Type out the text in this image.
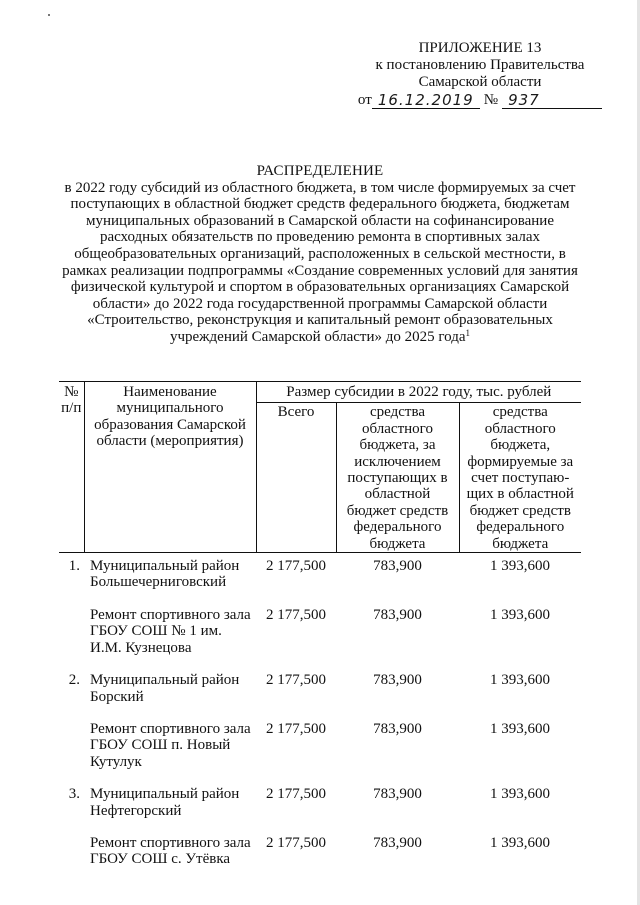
ПРИЛОЖЕНИЕ 13
к постановлению Правительства
Самарской области
от 16.12.2019 № 937
РАСПРЕДЕЛЕНИЕ
в 2022 году субсидий из областного бюджета, в том числе формируемых за счет поступающих в областной бюджет средств федерального бюджета, бюджетам муниципальных образований в Самарской области на софинансирование расходных обязательств по проведению ремонта в спортивных залах общеобразовательных организаций, расположенных в сельской местности, в рамках реализации подпрограммы «Создание современных условий для занятия физической культурой и спортом в образовательных организациях Самарской области» до 2022 года государственной программы Самарской области «Строительство, реконструкция и капитальный ремонт образовательных учреждений Самарской области» до 2025 года$^1$
№ п/п	Наименование муниципального образования Самарской области (мероприятия)	Размер субсидии в 2022 году, тыс. рублей		
		Всего	средства областного бюджета, за исключением поступающих в областной бюджет средств федерального бюджета	средства областного бюджета, формируемые за счет поступаю-щих в областной бюджет средств федерального бюджета
1.	Муниципальный район Большечерниговский	2 177,500	783,900	1 393,600
	Ремонт спортивного зала ГБОУ СОШ № 1 им. И.М. Кузнецова	2 177,500	783,900	1 393,600
2.	Муниципальный район Борский	2 177,500	783,900	1 393,600
	Ремонт спортивного зала ГБОУ СОШ п. Новый Кутулук	2 177,500	783,900	1 393,600
3.	Муниципальный район Нефтегорский	2 177,500	783,900	1 393,600
	Ремонт спортивного зала ГБОУ СОШ с. Утёвка	2 177,500	783,900	1 393,600
